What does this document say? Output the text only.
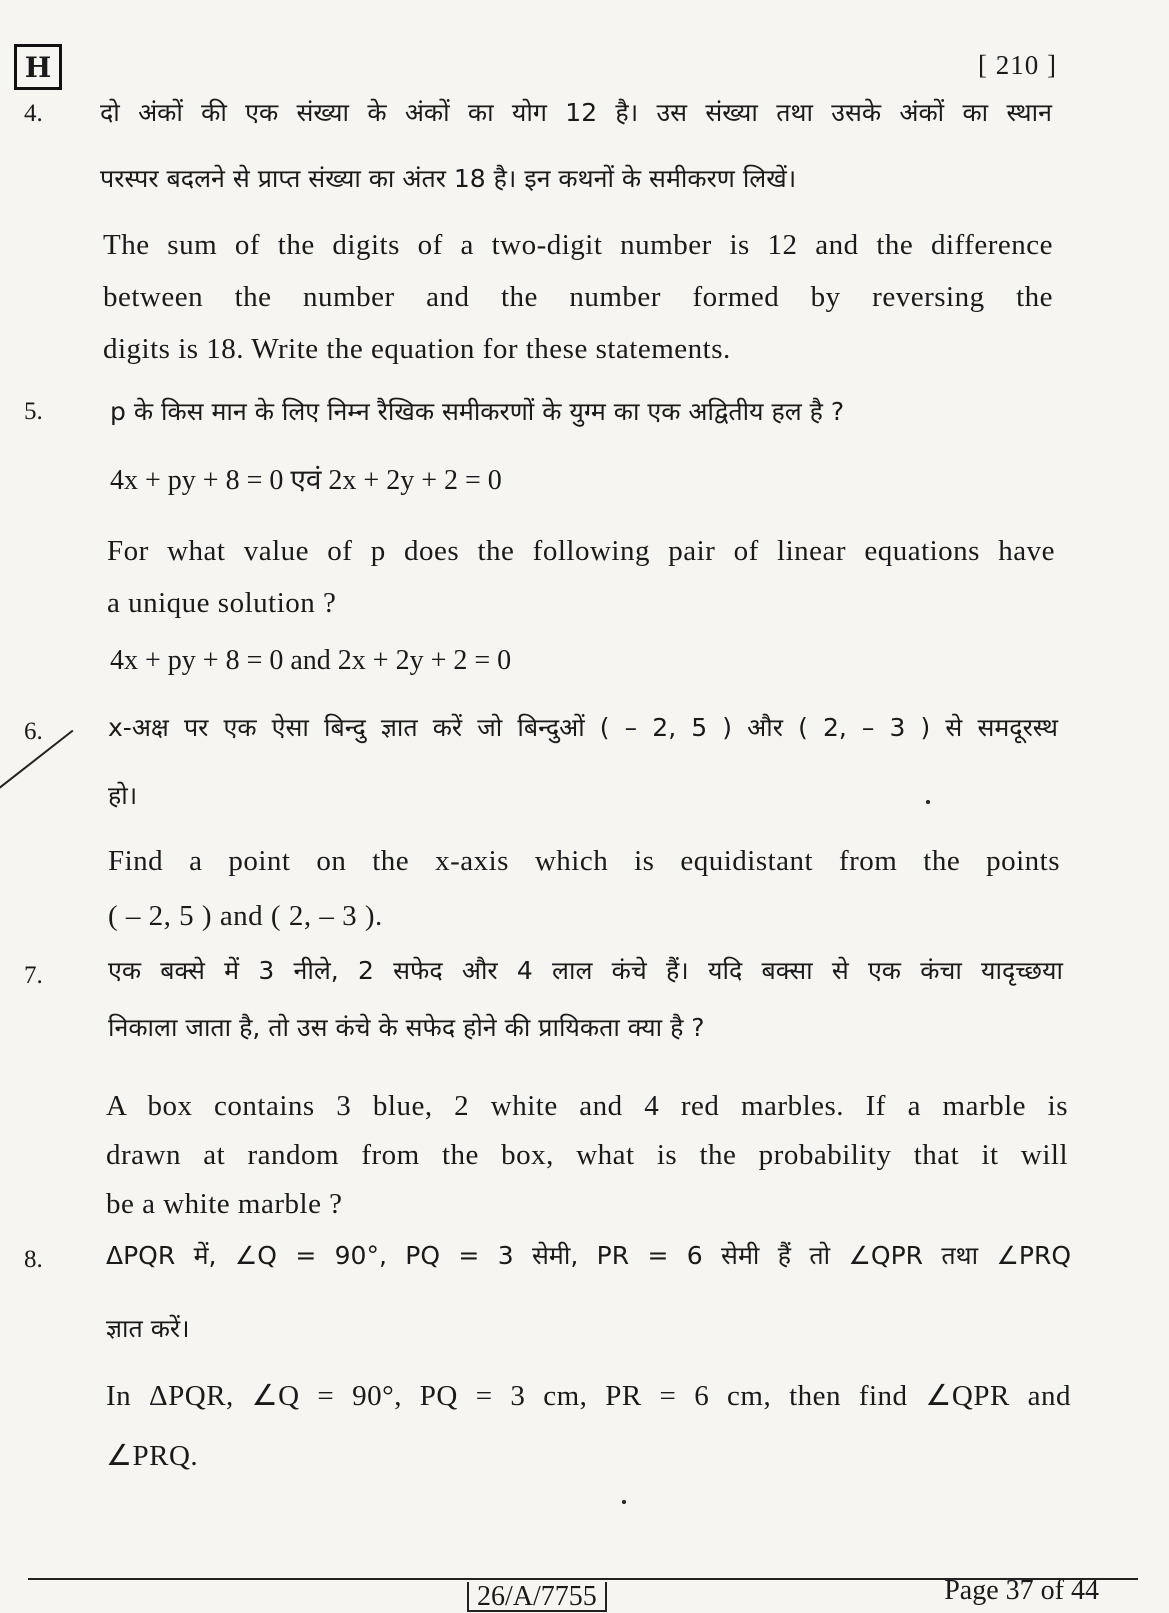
H	[ 210 ]
4. दो अंकों की एक संख्या के अंकों का योग 12 है। उस संख्या तथा उसके अंकों का स्थान
परस्पर बदलने से प्राप्त संख्या का अंतर 18 है। इन कथनों के समीकरण लिखें।
The sum of the digits of a two-digit number is 12 and the difference
between the number and the number formed by reversing the
digits is 18. Write the equation for these statements.
5.	p के किस मान के लिए निम्न रैखिक समीकरणों के युग्म का एक अद्वितीय हल है ?
4x + py + 8 = 0 एवं 2x + 2y + 2 = 0
For what value of p does the following pair of linear equations have
a unique solution ?
4x + py + 8 = 0 and 2x + 2y + 2 = 0
6.	x-अक्ष पर एक ऐसा बिन्दु ज्ञात करें जो बिन्दुओं ( – 2, 5 ) और ( 2, – 3 ) से समदूरस्थ
हो।
Find a point on the x-axis which is equidistant from the points
( – 2, 5 ) and ( 2, – 3 ).
7.	एक बक्से में 3 नीले, 2 सफेद और 4 लाल कंचे हैं। यदि बक्सा से एक कंचा यादृच्छया
निकाला जाता है, तो उस कंचे के सफेद होने की प्रायिकता क्या है ?
A box contains 3 blue, 2 white and 4 red marbles. If a marble is
drawn at random from the box, what is the probability that it will
be a white marble ?
8.	ΔPQR में, ∠Q = 90°, PQ = 3 सेमी, PR = 6 सेमी हैं तो ∠QPR तथा ∠PRQ
ज्ञात करें।
In ΔPQR, ∠Q = 90°, PQ = 3 cm, PR = 6 cm, then find ∠QPR and
∠PRQ.
26/A/7755	Page 37 of 44
